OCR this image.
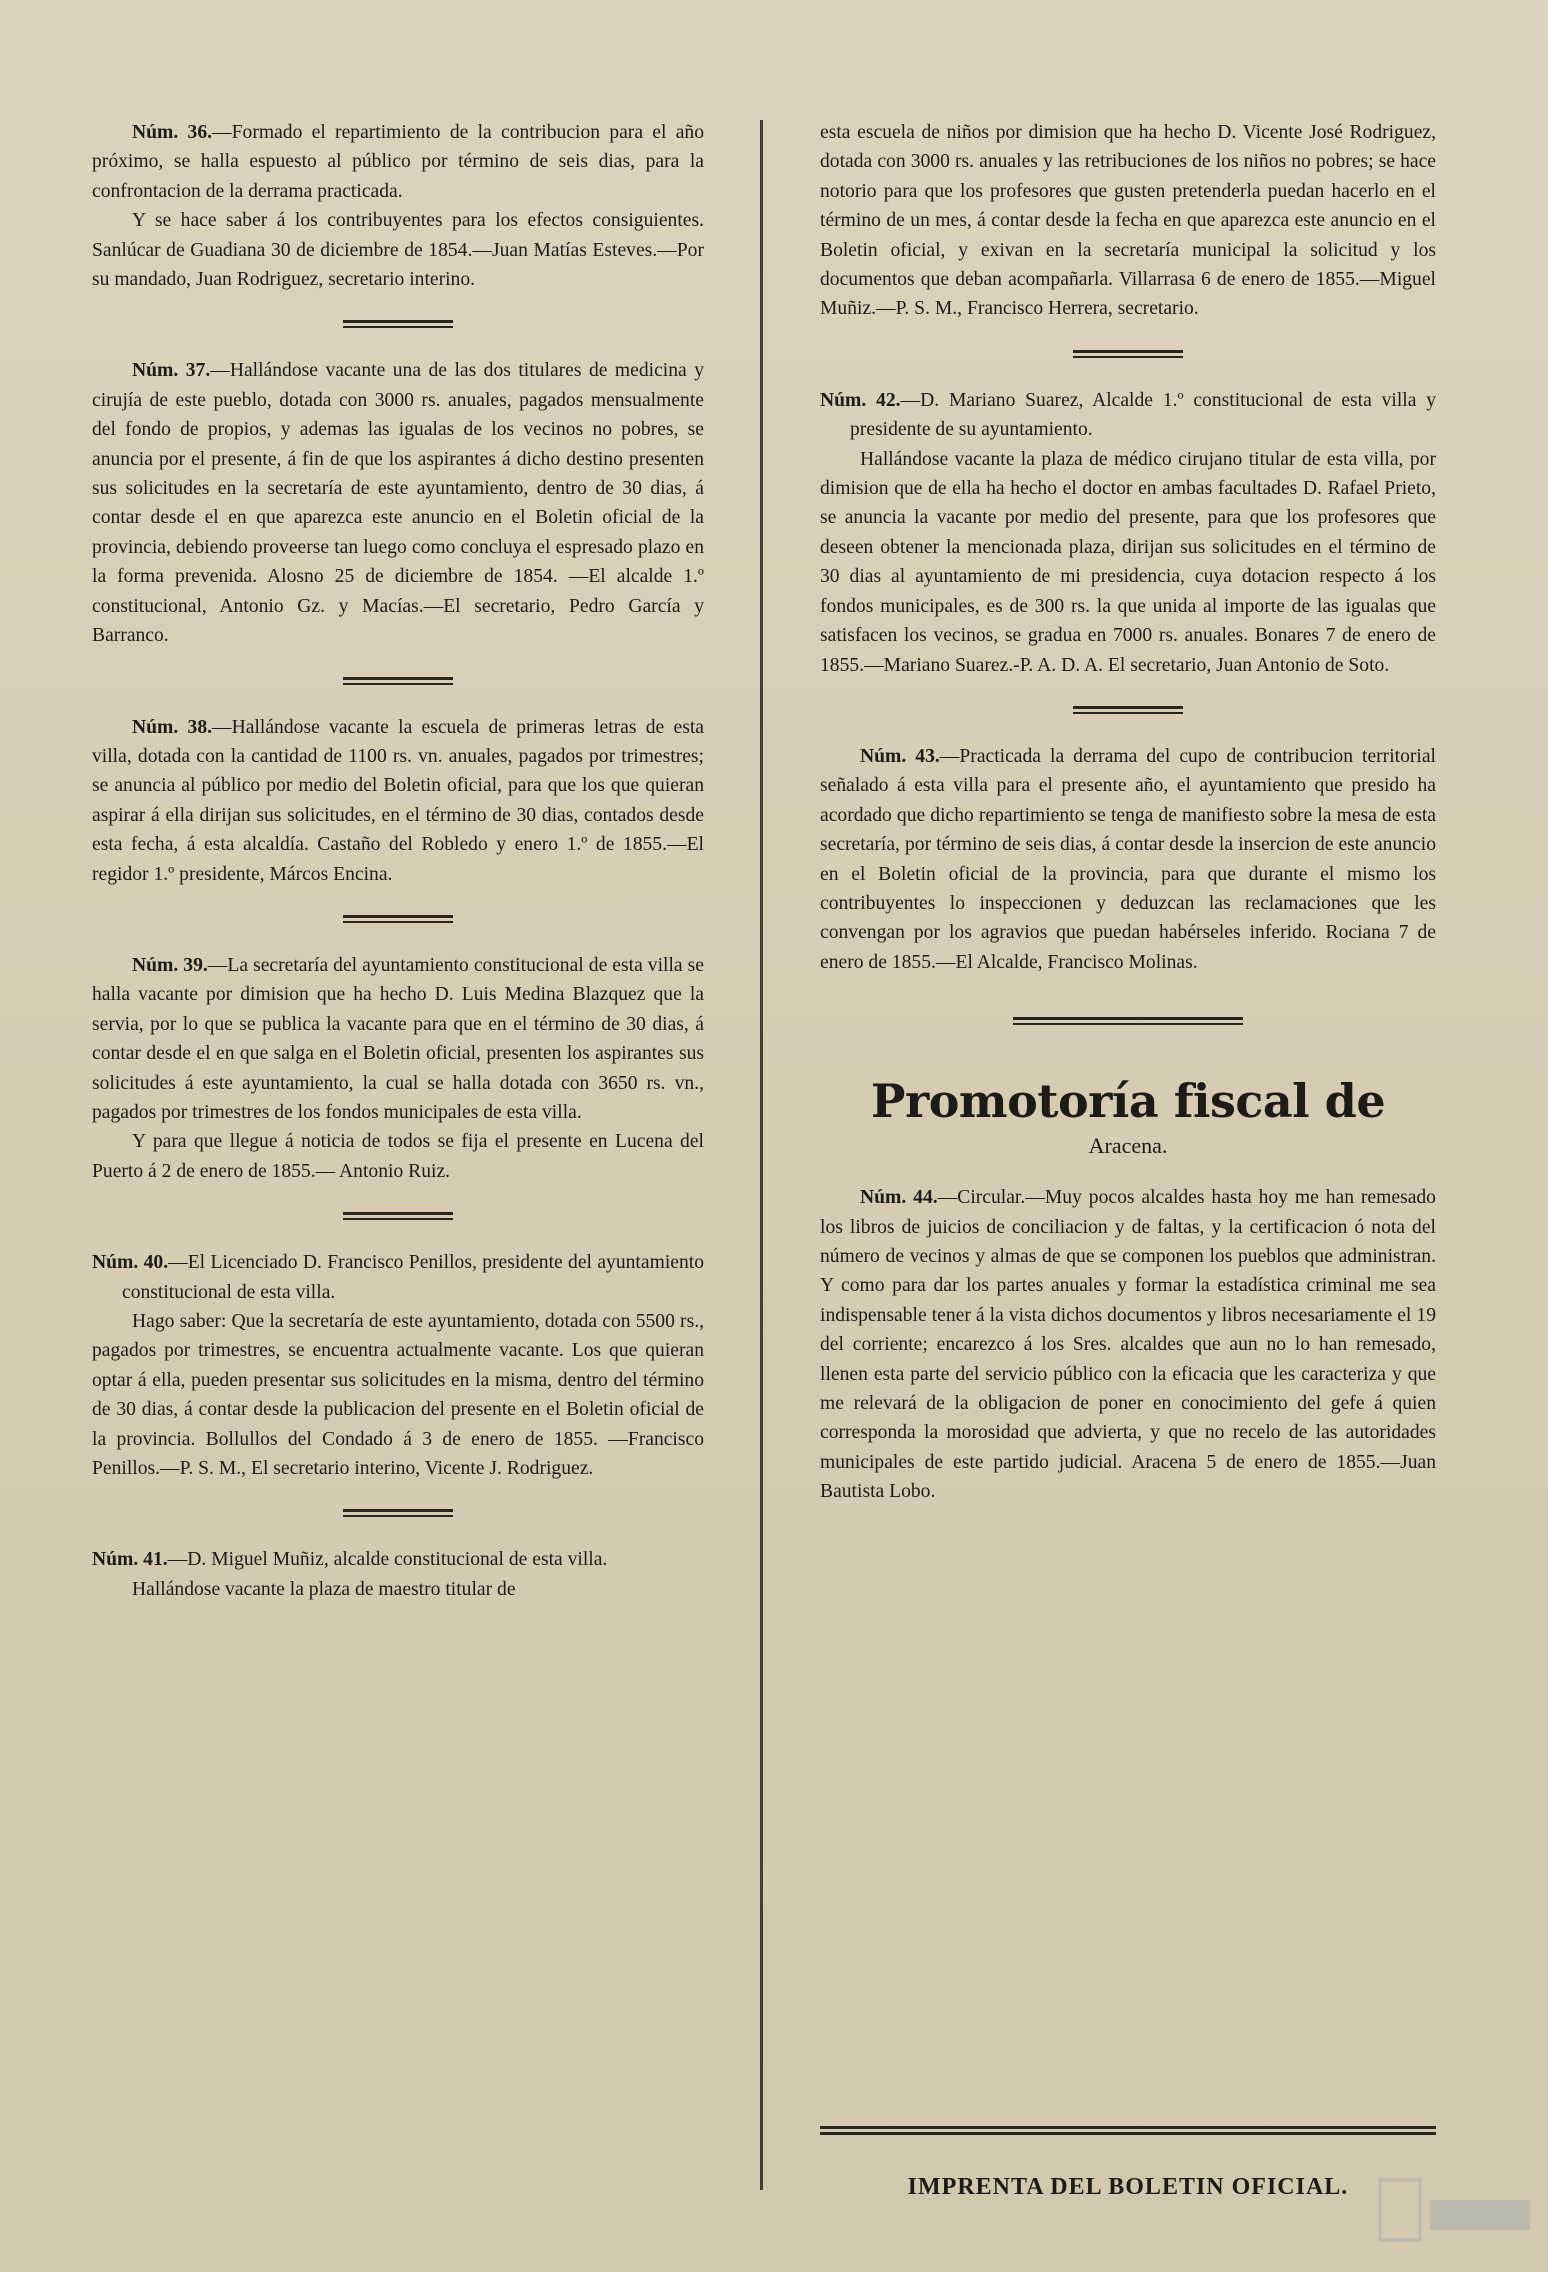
Núm. 36.—Formado el repartimiento de la contribucion para el año próximo, se halla espuesto al público por término de seis dias, para la confrontacion de la derrama practicada.

Y se hace saber á los contribuyentes para los efectos consiguientes. Sanlúcar de Guadiana 30 de diciembre de 1854.—Juan Matías Esteves.—Por su mandado, Juan Rodriguez, secretario interino.

Núm. 37.—Hallándose vacante una de las dos titulares de medicina y cirujía de este pueblo, dotada con 3000 rs. anuales, pagados mensualmente del fondo de propios, y ademas las igualas de los vecinos no pobres, se anuncia por el presente, á fin de que los aspirantes á dicho destino presenten sus solicitudes en la secretaría de este ayuntamiento, dentro de 30 dias, á contar desde el en que aparezca este anuncio en el Boletin oficial de la provincia, debiendo proveerse tan luego como concluya el espresado plazo en la forma prevenida. Alosno 25 de diciembre de 1854. —El alcalde 1.º constitucional, Antonio Gz. y Macías.—El secretario, Pedro García y Barranco.

Núm. 38.—Hallándose vacante la escuela de primeras letras de esta villa, dotada con la cantidad de 1100 rs. vn. anuales, pagados por trimestres; se anuncia al público por medio del Boletin oficial, para que los que quieran aspirar á ella dirijan sus solicitudes, en el término de 30 dias, contados desde esta fecha, á esta alcaldía. Castaño del Robledo y enero 1.º de 1855.—El regidor 1.º presidente, Márcos Encina.

Núm. 39.—La secretaría del ayuntamiento constitucional de esta villa se halla vacante por dimision que ha hecho D. Luis Medina Blazquez que la servia, por lo que se publica la vacante para que en el término de 30 dias, á contar desde el en que salga en el Boletin oficial, presenten los aspirantes sus solicitudes á este ayuntamiento, la cual se halla dotada con 3650 rs. vn., pagados por trimestres de los fondos municipales de esta villa.

Y para que llegue á noticia de todos se fija el presente en Lucena del Puerto á 2 de enero de 1855.— Antonio Ruiz.

Núm. 40.—El Licenciado D. Francisco Penillos, presidente del ayuntamiento constitucional de esta villa.

Hago saber: Que la secretaría de este ayuntamiento, dotada con 5500 rs., pagados por trimestres, se encuentra actualmente vacante. Los que quieran optar á ella, pueden presentar sus solicitudes en la misma, dentro del término de 30 dias, á contar desde la publicacion del presente en el Boletin oficial de la provincia. Bollullos del Condado á 3 de enero de 1855. —Francisco Penillos.—P. S. M., El secretario interino, Vicente J. Rodriguez.

Núm. 41.—D. Miguel Muñiz, alcalde constitucional de esta villa.

Hallándose vacante la plaza de maestro titular de

esta escuela de niños por dimision que ha hecho D. Vicente José Rodriguez, dotada con 3000 rs. anuales y las retribuciones de los niños no pobres; se hace notorio para que los profesores que gusten pretenderla puedan hacerlo en el término de un mes, á contar desde la fecha en que aparezca este anuncio en el Boletin oficial, y exivan en la secretaría municipal la solicitud y los documentos que deban acompañarla. Villarrasa 6 de enero de 1855.—Miguel Muñiz.—P. S. M., Francisco Herrera, secretario.

Núm. 42.—D. Mariano Suarez, Alcalde 1.º constitucional de esta villa y presidente de su ayuntamiento.

Hallándose vacante la plaza de médico cirujano titular de esta villa, por dimision que de ella ha hecho el doctor en ambas facultades D. Rafael Prieto, se anuncia la vacante por medio del presente, para que los profesores que deseen obtener la mencionada plaza, dirijan sus solicitudes en el término de 30 dias al ayuntamiento de mi presidencia, cuya dotacion respecto á los fondos municipales, es de 300 rs. la que unida al importe de las igualas que satisfacen los vecinos, se gradua en 7000 rs. anuales. Bonares 7 de enero de 1855.—Mariano Suarez.-P. A. D. A. El secretario, Juan Antonio de Soto.

Núm. 43.—Practicada la derrama del cupo de contribucion territorial señalado á esta villa para el presente año, el ayuntamiento que presido ha acordado que dicho repartimiento se tenga de manifiesto sobre la mesa de esta secretaría, por término de seis dias, á contar desde la insercion de este anuncio en el Boletin oficial de la provincia, para que durante el mismo los contribuyentes lo inspeccionen y deduzcan las reclamaciones que les convengan por los agravios que puedan habérseles inferido. Rociana 7 de enero de 1855.—El Alcalde, Francisco Molinas.

Promotoría fiscal de
Aracena.

Núm. 44.—Circular.—Muy pocos alcaldes hasta hoy me han remesado los libros de juicios de conciliacion y de faltas, y la certificacion ó nota del número de vecinos y almas de que se componen los pueblos que administran. Y como para dar los partes anuales y formar la estadística criminal me sea indispensable tener á la vista dichos documentos y libros necesariamente el 19 del corriente; encarezco á los Sres. alcaldes que aun no lo han remesado, llenen esta parte del servicio público con la eficacia que les caracteriza y que me relevará de la obligacion de poner en conocimiento del gefe á quien corresponda la morosidad que advierta, y que no recelo de las autoridades municipales de este partido judicial. Aracena 5 de enero de 1855.—Juan Bautista Lobo.

IMPRENTA DEL BOLETIN OFICIAL.
